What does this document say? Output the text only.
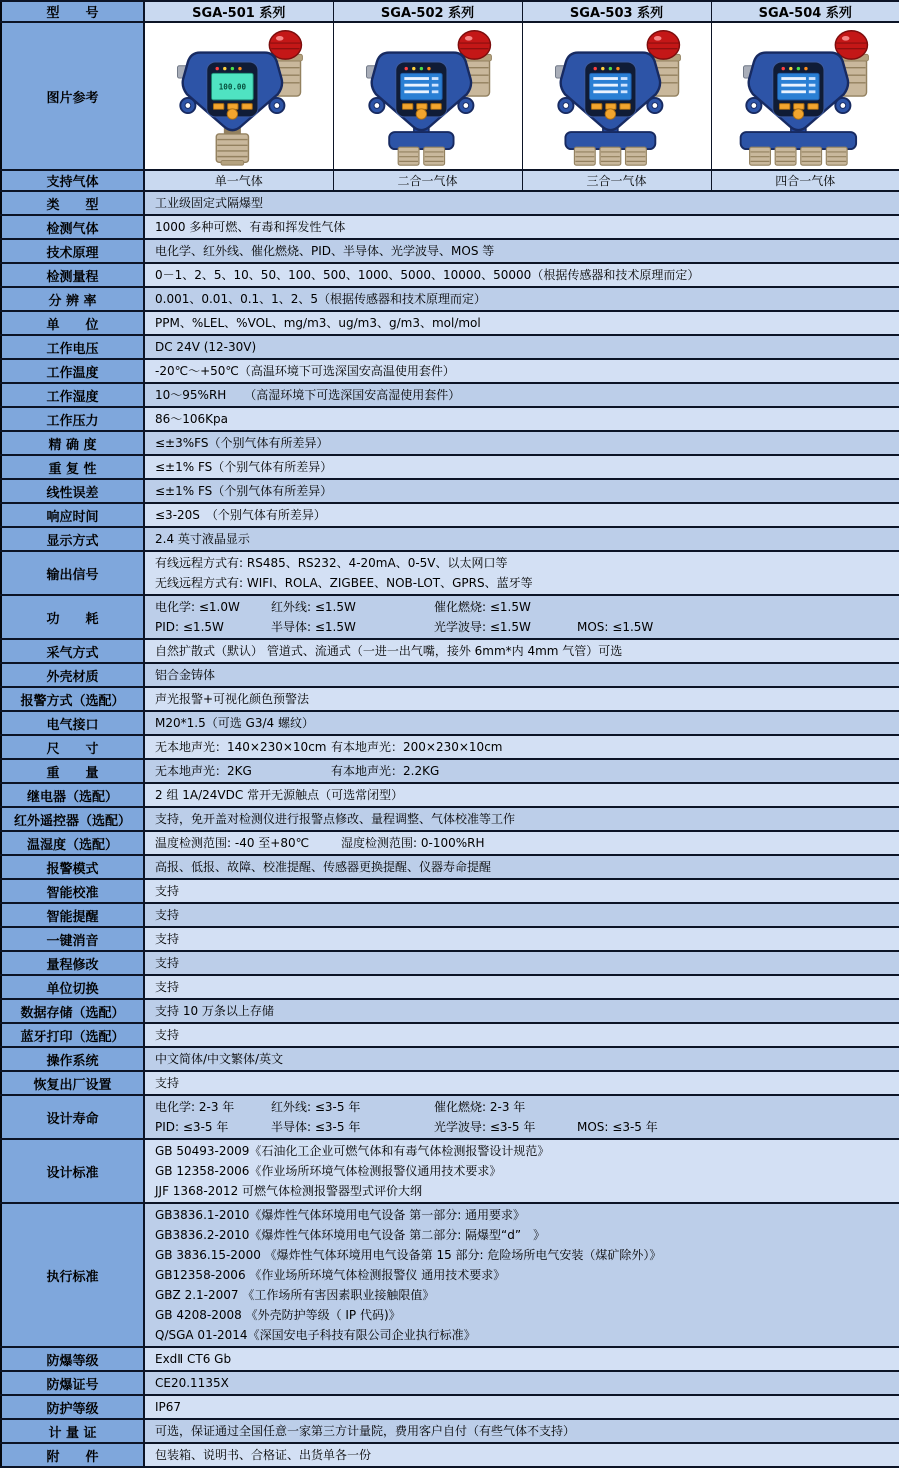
型　　号	SGA-501 系列	SGA-502 系列	SGA-503 系列	SGA-504 系列
图片参考	100.00

支持气体	单一气体	二合一气体	三合一气体	四合一气体
类　　型	工业级固定式隔爆型			

检测气体	1000 多种可燃、有毒和挥发性气体			

技术原理	电化学、红外线、催化燃烧、PID、半导体、光学波导、MOS 等			

检测量程	0－1、2、5、10、50、100、500、1000、5000、10000、50000（根据传感器和技术原理而定）			

分 辨 率	0.001、0.01、0.1、1、2、5（根据传感器和技术原理而定）			

单　　位	PPM、%LEL、%VOL、mg/m3、ug/m3、g/m3、mol/mol			

工作电压	DC 24V (12-30V)			

工作温度	-20℃～+50℃（高温环境下可选深国安高温使用套件）			

工作湿度	10～95%RH　　（高湿环境下可选深国安高湿使用套件）			

工作压力	86～106Kpa			

精 确 度	≤±3%FS（个别气体有所差异）			

重 复 性	≤±1% FS（个别气体有所差异）			

线性误差	≤±1% FS（个别气体有所差异）			

响应时间	≤3-20S　（个别气体有所差异）			

显示方式	2.4 英寸液晶显示			

输出信号	有线远程方式有: RS485、RS232、4-20mA、0-5V、以太网口等
无线远程方式有: WIFI、ROLA、ZIGBEE、NOB-LOT、GPRS、蓝牙等			

功　　耗	电化学: ≤1.0W 红外线: ≤1.5W 催化燃烧: ≤1.5W
PID: ≤1.5W 半导体: ≤1.5W 光学波导: ≤1.5W MOS: ≤1.5W			

采气方式	自然扩散式（默认） 管道式、流通式（一进一出气嘴，接外 6mm*内 4mm 气管）可选			

外壳材质	铝合金铸体			

报警方式（选配）	声光报警+可视化颜色预警法			

电气接口	M20*1.5（可选 G3/4 螺纹）			

尺　　寸	无本地声光：140×230×10cm 有本地声光：200×230×10cm			

重　　量	无本地声光：2KG 有本地声光：2.2KG			

继电器（选配）	2 组 1A/24VDC 常开无源触点（可选常闭型）			

红外遥控器（选配）	支持，免开盖对检测仪进行报警点修改、量程调整、气体校准等工作			

温湿度（选配）	温度检测范围: -40 至+80℃ 湿度检测范围: 0-100%RH			

报警模式	高报、低报、故障、校准提醒、传感器更换提醒、仪器寿命提醒			

智能校准	支持			

智能提醒	支持			

一键消音	支持			

量程修改	支持			

单位切换	支持			

数据存储（选配）	支持 10 万条以上存储			

蓝牙打印（选配）	支持			

操作系统	中文简体/中文繁体/英文			

恢复出厂设置	支持			

设计寿命	电化学: 2-3 年 红外线: ≤3-5 年 催化燃烧: 2-3 年
PID: ≤3-5 年 半导体: ≤3-5 年 光学波导: ≤3-5 年 MOS: ≤3-5 年			

设计标准	GB 50493-2009《石油化工企业可燃气体和有毒气体检测报警设计规范》
GB 12358-2006《作业场所环境气体检测报警仪通用技术要求》
JJF 1368-2012 可燃气体检测报警器型式评价大纲			

执行标准	
GB3836.1-2010《爆炸性气体环境用电气设备 第一部分: 通用要求》
GB3836.2-2010《爆炸性气体环境用电气设备 第二部分: 隔爆型“d”　》
GB 3836.15-2000 《爆炸性气体环境用电气设备第 15 部分: 危险场所电气安装（煤矿除外）》
GB12358-2006 《作业场所环境气体检测报警仪 通用技术要求》
GBZ 2.1-2007 《工作场所有害因素职业接触限值》
GB 4208-2008 《外壳防护等级（ IP 代码)》
Q/SGA 01-2014《深国安电子科技有限公司企业执行标准》

防爆等级	ExdⅡ CT6 Gb			

防爆证号	CE20.1135X			

防护等级	IP67			

计 量 证	可选，保证通过全国任意一家第三方计量院，费用客户自付（有些气体不支持）			

附　　件	包装箱、说明书、合格证、出货单各一份			
